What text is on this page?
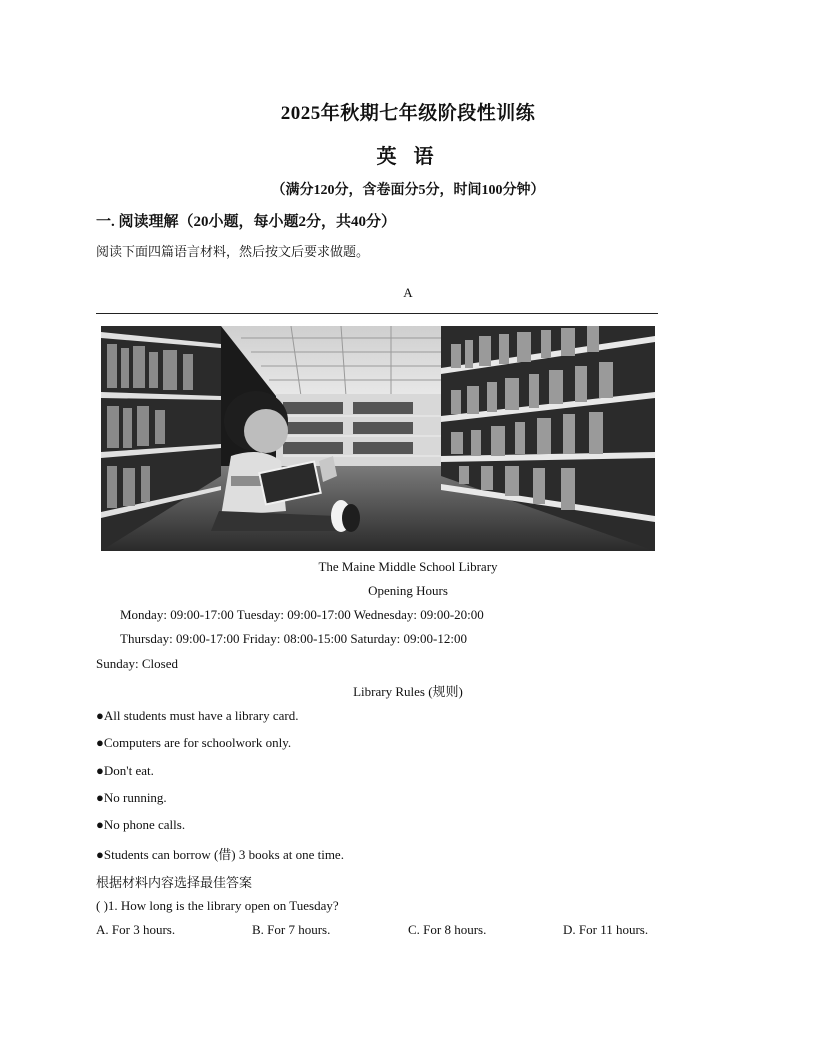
2025年秋期七年级阶段性训练
英 语
（满分120分，含卷面分5分，时间100分钟）
一. 阅读理解（20小题，每小题2分，共40分）
阅读下面四篇语言材料，然后按文后要求做题。
A
The Maine Middle School Library
Opening Hours
Monday: 09:00-17:00 Tuesday: 09:00-17:00 Wednesday: 09:00-20:00
Thursday: 09:00-17:00 Friday: 08:00-15:00 Saturday: 09:00-12:00
Sunday: Closed
Library Rules (规则)
●All students must have a library card.
●Computers are for schoolwork only.
●Don't eat.
●No running.
●No phone calls.
●Students can borrow (借) 3 books at one time.
根据材料内容选择最佳答案
( )1. How long is the library open on Tuesday?
A. For 3 hours.	B. For 7 hours.	C. For 8 hours.	D. For 11 hours.
